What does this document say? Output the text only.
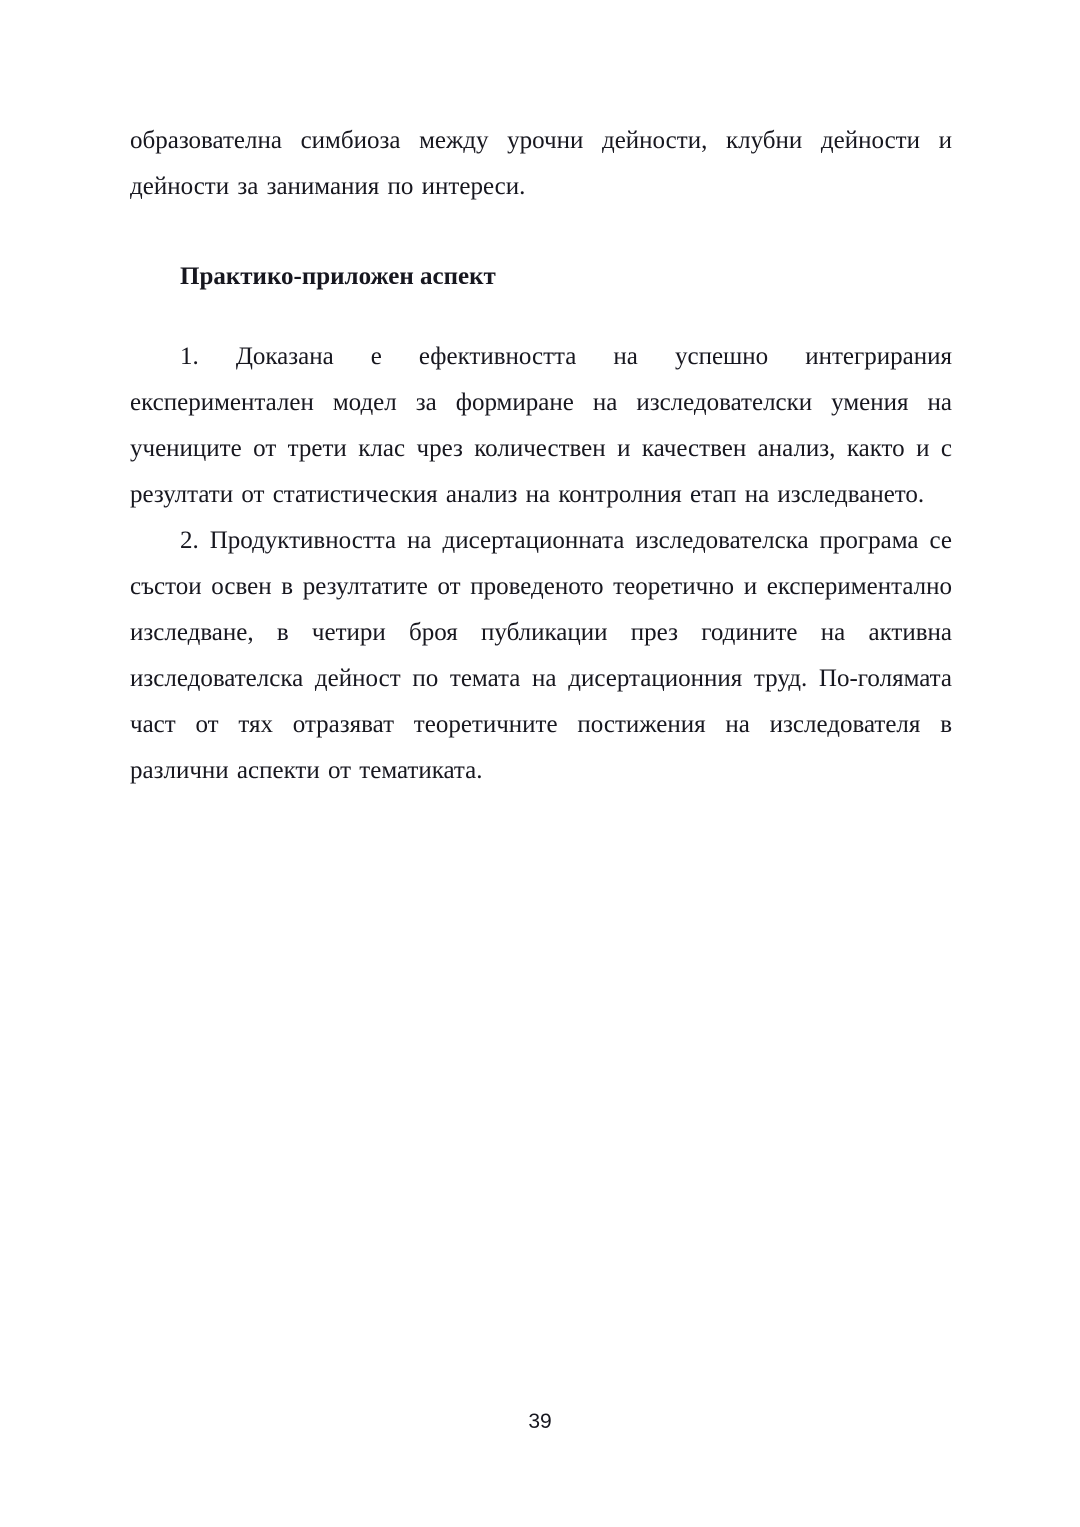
образователна симбиоза между урочни дейности, клубни дейности и дейности за занимания по интереси.

Практико-приложен аспект

1. Доказана е ефективността на успешно интегрирания експериментален модел за формиране на изследователски умения на учениците от трети клас чрез количествен и качествен анализ, както и с резултати от статистическия анализ на контролния етап на изследването.

2. Продуктивността на дисертационната изследователска програма се състои освен в резултатите от проведеното теоретично и експериментално изследване, в четири броя публикации през годините на активна изследователска дейност по темата на дисертационния труд. По-голямата част от тях отразяват теоретичните постижения на изследователя в различни аспекти от тематиката.

39
